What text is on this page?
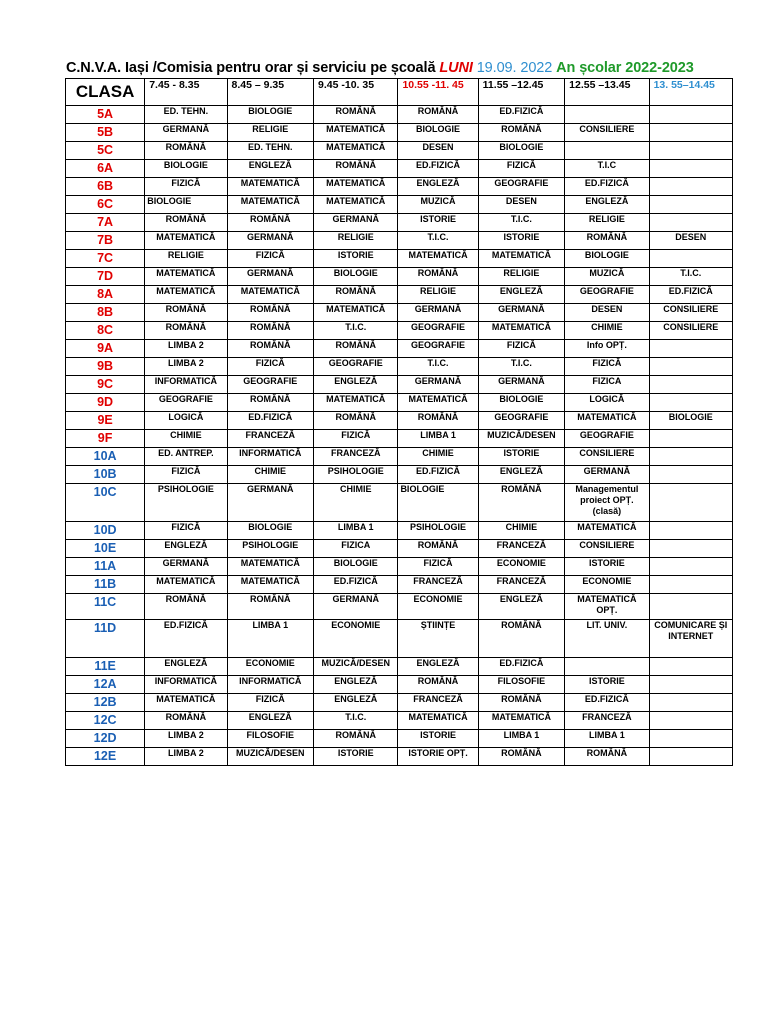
C.N.V.A. Iași /Comisia pentru orar și serviciu pe școală LUNI 19.09. 2022 An școlar 2022-2023
CLASA	7.45 - 8.35	8.45 – 9.35	9.45 -10. 35	10.55 -11. 45	11.55 –12.45	12.55 –13.45	13. 55–14.45
5A	ED. TEHN.	BIOLOGIE	ROMÂNĂ	ROMÂNĂ	ED.FIZICĂ		
5B	GERMANĂ	RELIGIE	MATEMATICĂ	BIOLOGIE	ROMÂNĂ	CONSILIERE	
5C	ROMÂNĂ	ED. TEHN.	MATEMATICĂ	DESEN	BIOLOGIE		
6A	BIOLOGIE	ENGLEZĂ	ROMÂNĂ	ED.FIZICĂ	FIZICĂ	T.I.C	
6B	FIZICĂ	MATEMATICĂ	MATEMATICĂ	ENGLEZĂ	GEOGRAFIE	ED.FIZICĂ	
6C	BIOLOGIE	MATEMATICĂ	MATEMATICĂ	MUZICĂ	DESEN	ENGLEZĂ	
7A	ROMÂNĂ	ROMÂNĂ	GERMANĂ	ISTORIE	T.I.C.	RELIGIE	
7B	MATEMATICĂ	GERMANĂ	RELIGIE	T.I.C.	ISTORIE	ROMÂNĂ	DESEN
7C	RELIGIE	FIZICĂ	ISTORIE	MATEMATICĂ	MATEMATICĂ	BIOLOGIE	
7D	MATEMATICĂ	GERMANĂ	BIOLOGIE	ROMÂNĂ	RELIGIE	MUZICĂ	T.I.C.
8A	MATEMATICĂ	MATEMATICĂ	ROMÂNĂ	RELIGIE	ENGLEZĂ	GEOGRAFIE	ED.FIZICĂ
8B	ROMÂNĂ	ROMÂNĂ	MATEMATICĂ	GERMANĂ	GERMANĂ	DESEN	CONSILIERE
8C	ROMÂNĂ	ROMÂNĂ	T.I.C.	GEOGRAFIE	MATEMATICĂ	CHIMIE	CONSILIERE
9A	LIMBA 2	ROMÂNĂ	ROMÂNĂ	GEOGRAFIE	FIZICĂ	Info OPȚ.	
9B	LIMBA 2	FIZICĂ	GEOGRAFIE	T.I.C.	T.I.C.	FIZICĂ	
9C	INFORMATICĂ	GEOGRAFIE	ENGLEZĂ	GERMANĂ	GERMANĂ	FIZICA	
9D	GEOGRAFIE	ROMÂNĂ	MATEMATICĂ	MATEMATICĂ	BIOLOGIE	LOGICĂ	
9E	LOGICĂ	ED.FIZICĂ	ROMÂNĂ	ROMÂNĂ	GEOGRAFIE	MATEMATICĂ	BIOLOGIE
9F	CHIMIE	FRANCEZĂ	FIZICĂ	LIMBA 1	MUZICĂ/DESEN	GEOGRAFIE	
10A	ED. ANTREP.	INFORMATICĂ	FRANCEZĂ	CHIMIE	ISTORIE	CONSILIERE	
10B	FIZICĂ	CHIMIE	PSIHOLOGIE	ED.FIZICĂ	ENGLEZĂ	GERMANĂ	
10C	PSIHOLOGIE	GERMANĂ	CHIMIE	BIOLOGIE	ROMÂNĂ	Managementul proiect OPȚ. (clasă)	
10D	FIZICĂ	BIOLOGIE	LIMBA 1	PSIHOLOGIE	CHIMIE	MATEMATICĂ	
10E	ENGLEZĂ	PSIHOLOGIE	FIZICA	ROMÂNĂ	FRANCEZĂ	CONSILIERE	
11A	GERMANĂ	MATEMATICĂ	BIOLOGIE	FIZICĂ	ECONOMIE	ISTORIE	
11B	MATEMATICĂ	MATEMATICĂ	ED.FIZICĂ	FRANCEZĂ	FRANCEZĂ	ECONOMIE	
11C	ROMÂNĂ	ROMÂNĂ	GERMANĂ	ECONOMIE	ENGLEZĂ	MATEMATICĂ OPȚ.	
11D	ED.FIZICĂ	LIMBA 1	ECONOMIE	ȘTIINȚE	ROMÂNĂ	LIT. UNIV.	COMUNICARE ȘI INTERNET
11E	ENGLEZĂ	ECONOMIE	MUZICĂ/DESEN	ENGLEZĂ	ED.FIZICĂ		
12A	INFORMATICĂ	INFORMATICĂ	ENGLEZĂ	ROMÂNĂ	FILOSOFIE	ISTORIE	
12B	MATEMATICĂ	FIZICĂ	ENGLEZĂ	FRANCEZĂ	ROMÂNĂ	ED.FIZICĂ	
12C	ROMÂNĂ	ENGLEZĂ	T.I.C.	MATEMATICĂ	MATEMATICĂ	FRANCEZĂ	
12D	LIMBA 2	FILOSOFIE	ROMÂNĂ	ISTORIE	LIMBA 1	LIMBA 1	
12E	LIMBA 2	MUZICĂ/DESEN	ISTORIE	ISTORIE OPȚ.	ROMÂNĂ	ROMÂNĂ	
